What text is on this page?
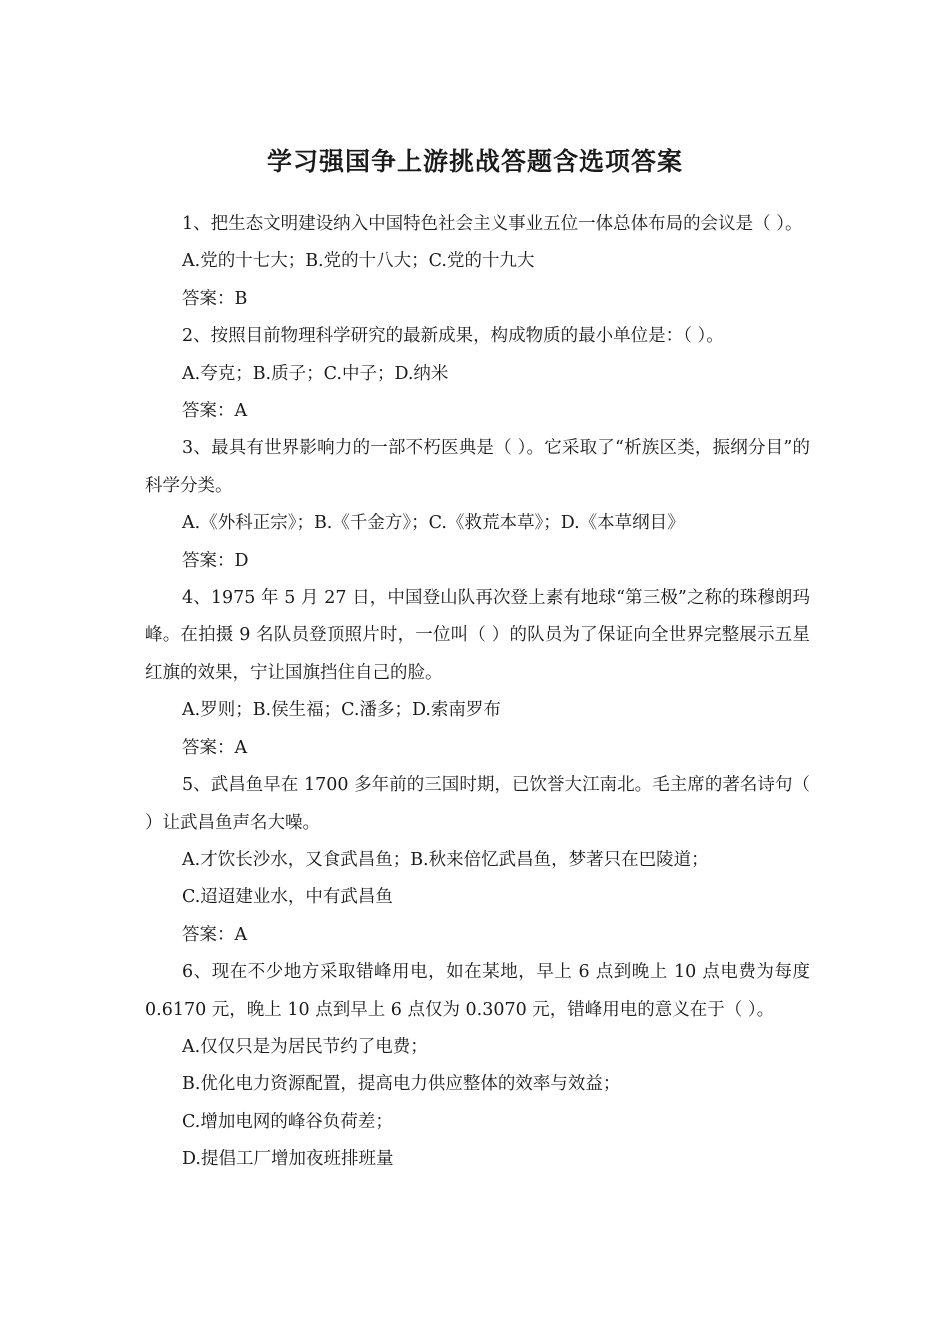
学习强国争上游挑战答题含选项答案

1、把生态文明建设纳入中国特色社会主义事业五位一体总体布局的会议是（ ）。

A.党的十七大；B.党的十八大；C.党的十九大

答案：B

2、按照目前物理科学研究的最新成果，构成物质的最小单位是：（ ）。

A.夸克；B.质子；C.中子；D.纳米

答案：A

3、最具有世界影响力的一部不朽医典是（ ）。它采取了“析族区类，振纲分目”的科学分类。

A.《外科正宗》；B.《千金方》；C.《救荒本草》；D.《本草纲目》

答案：D

4、1975 年 5 月 27 日，中国登山队再次登上素有地球“第三极”之称的珠穆朗玛峰。在拍摄 9 名队员登顶照片时，一位叫（ ）的队员为了保证向全世界完整展示五星红旗的效果，宁让国旗挡住自己的脸。

A.罗则；B.侯生福；C.潘多；D.索南罗布

答案：A

5、武昌鱼早在 1700 多年前的三国时期，已饮誉大江南北。毛主席的著名诗句（ ）让武昌鱼声名大噪。

A.才饮长沙水，又食武昌鱼；B.秋来倍忆武昌鱼，梦著只在巴陵道；

C.迢迢建业水，中有武昌鱼

答案：A

6、现在不少地方采取错峰用电，如在某地，早上 6 点到晚上 10 点电费为每度 0.6170 元，晚上 10 点到早上 6 点仅为 0.3070 元，错峰用电的意义在于（ ）。

A.仅仅只是为居民节约了电费；

B.优化电力资源配置，提高电力供应整体的效率与效益；

C.增加电网的峰谷负荷差；

D.提倡工厂增加夜班排班量
